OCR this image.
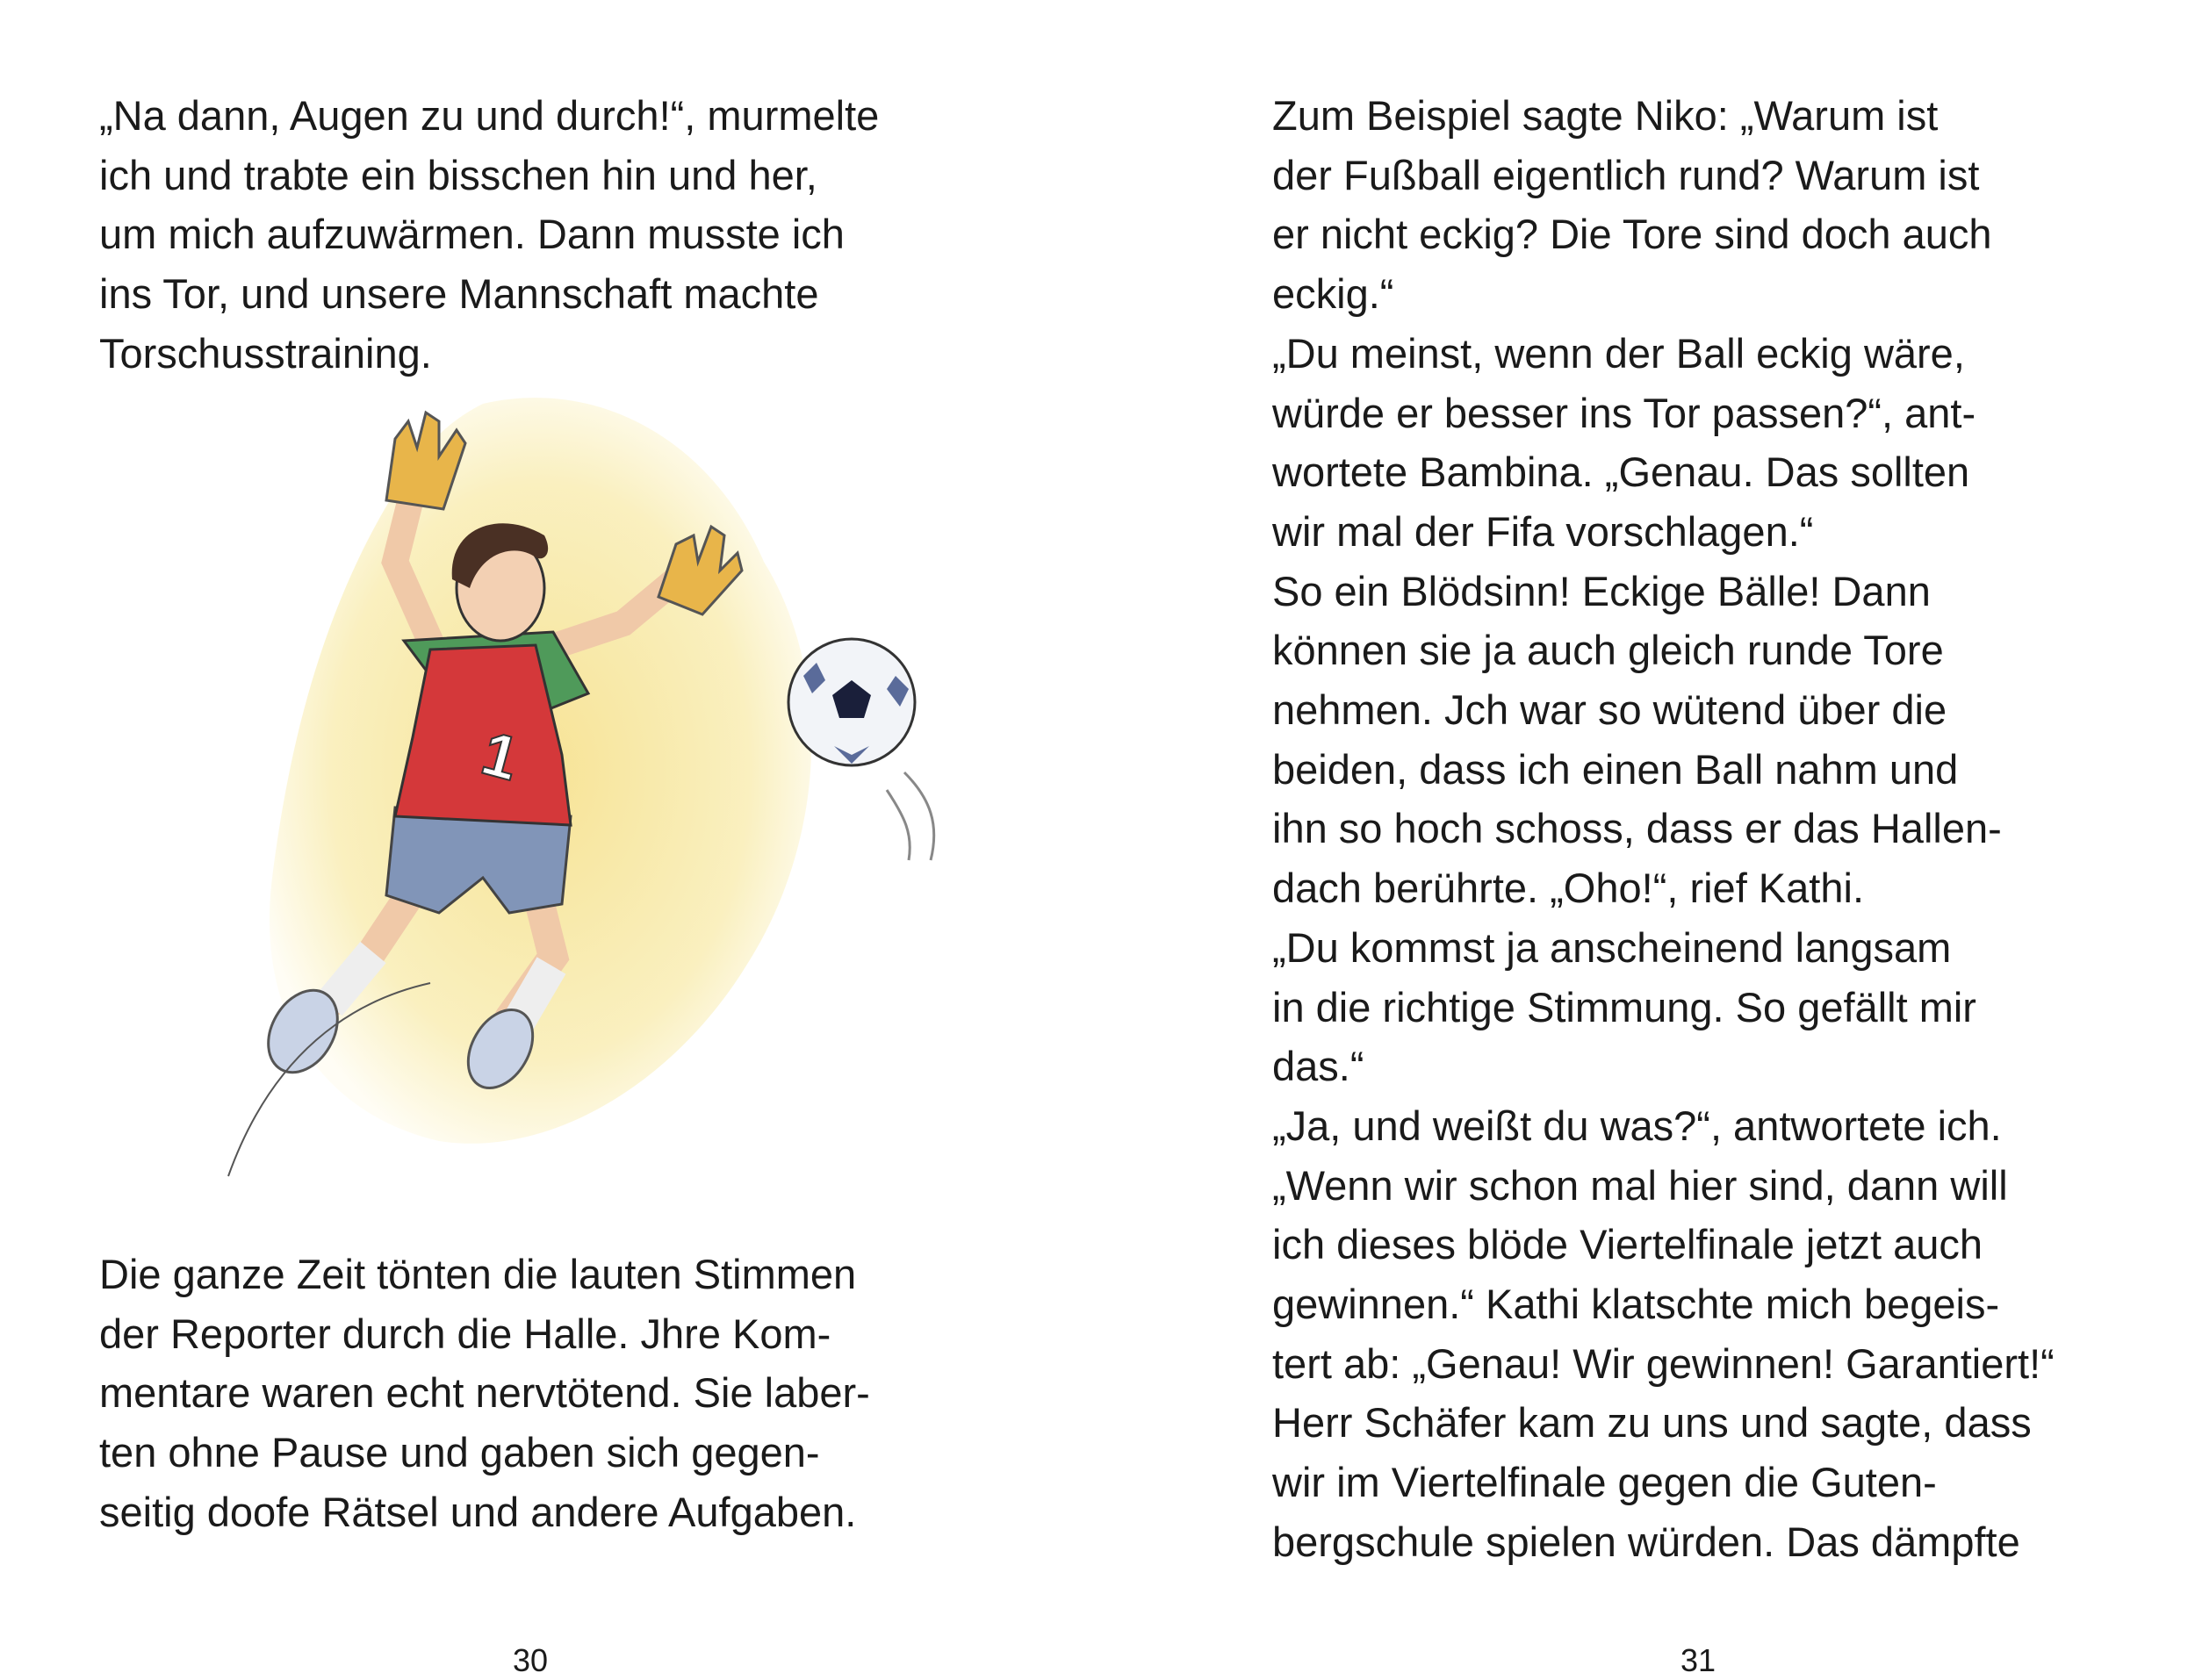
„Na dann, Augen zu und durch!“, murmelte
ich und trabte ein bisschen hin und her,
um mich aufzuwärmen. Dann musste ich
ins Tor, und unsere Mannschaft machte
Torschusstraining.
1
Die ganze Zeit tönten die lauten Stimmen
der Reporter durch die Halle. Jhre Kom-
mentare waren echt nervtötend. Sie laber-
ten ohne Pause und gaben sich gegen-
seitig doofe Rätsel und andere Aufgaben.
Zum Beispiel sagte Niko: „Warum ist
der Fußball eigentlich rund? Warum ist
er nicht eckig? Die Tore sind doch auch
eckig.“
„Du meinst, wenn der Ball eckig wäre,
würde er besser ins Tor passen?“, ant-
wortete Bambina. „Genau. Das sollten
wir mal der Fifa vorschlagen.“
So ein Blödsinn! Eckige Bälle! Dann
können sie ja auch gleich runde Tore
nehmen. Jch war so wütend über die
beiden, dass ich einen Ball nahm und
ihn so hoch schoss, dass er das Hallen-
dach berührte. „Oho!“, rief Kathi.
„Du kommst ja anscheinend langsam
in die richtige Stimmung. So gefällt mir
das.“
„Ja, und weißt du was?“, antwortete ich.
„Wenn wir schon mal hier sind, dann will
ich dieses blöde Viertelfinale jetzt auch
gewinnen.“ Kathi klatschte mich begeis-
tert ab: „Genau! Wir gewinnen! Garantiert!“
Herr Schäfer kam zu uns und sagte, dass
wir im Viertelfinale gegen die Guten-
bergschule spielen würden. Das dämpfte
30	31
